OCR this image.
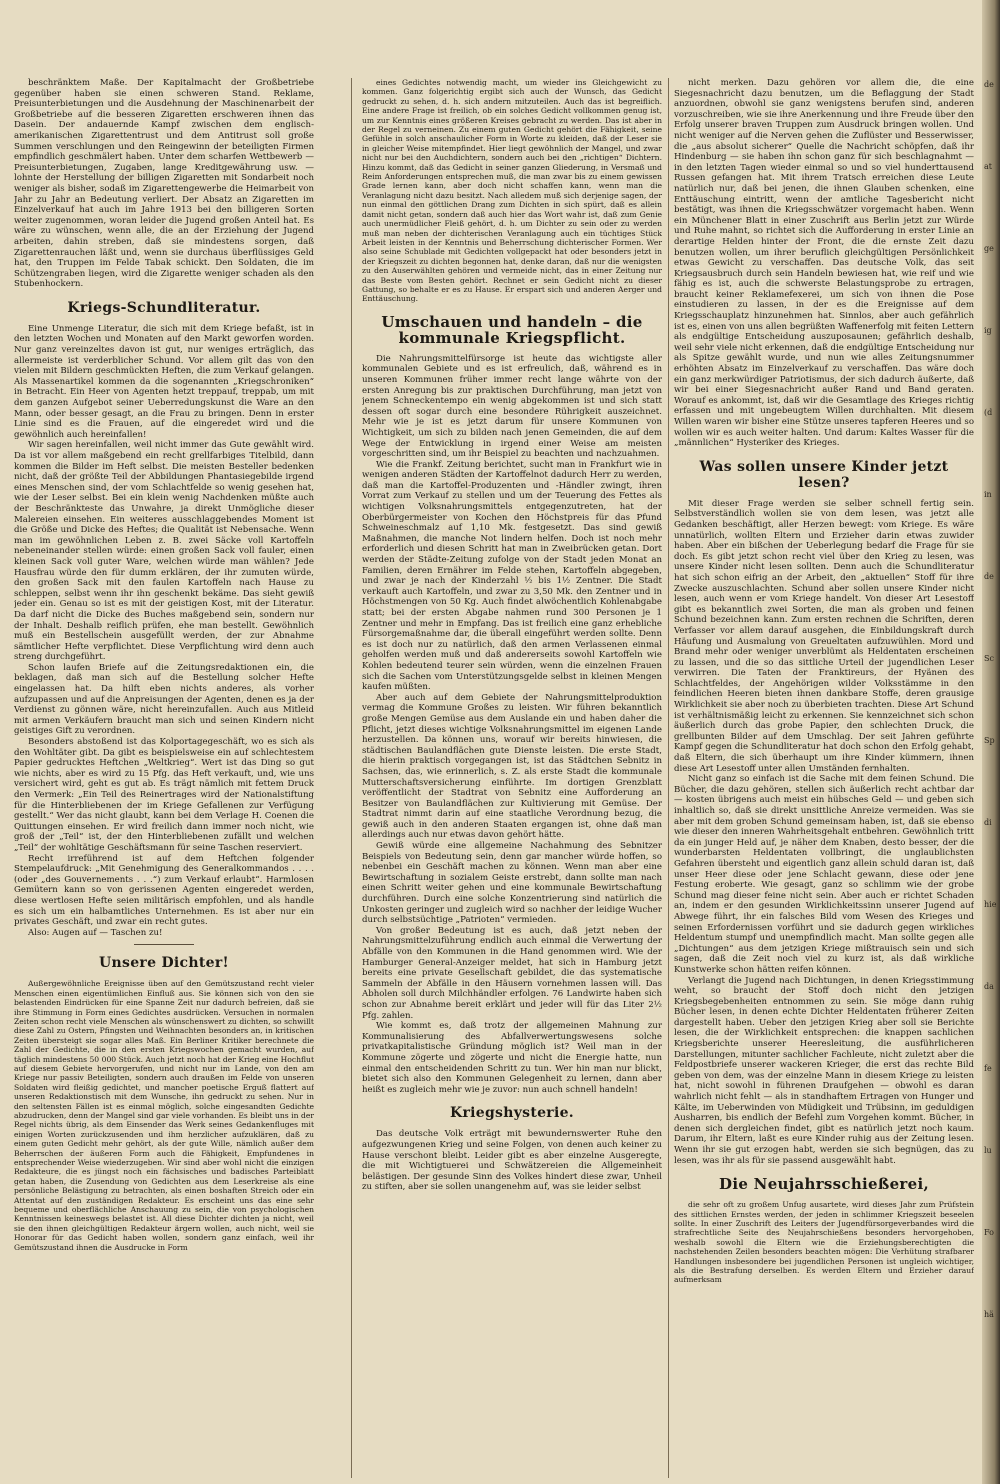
beschränktem Maße. Der Kapitalmacht der Großbetriebe gegenüber haben sie einen schweren Stand. Reklame, Preisunterbietungen und die Ausdehnung der Maschinenarbeit der Großbetriebe auf die besseren Zigaretten erschweren ihnen das Dasein. Der andauernde Kampf zwischen dem englisch-amerikanischen Zigarettentrust und dem Antitrust soll große Summen verschlungen und den Reingewinn der beteiligten Firmen empfindlich geschmälert haben. Unter dem scharfen Wettbewerb — Preisunterbietungen, Zugaben, lange Kreditgewährung usw. — lohnte der Herstellung der billigen Zigaretten mit Sondarbeit noch weniger als bisher, sodaß im Zigarettengewerbe die Heimarbeit von Jahr zu Jahr an Bedeutung verliert. Der Absatz an Zigaretten im Einzelverkauf hat auch im Jahre 1913 bei den billigeren Sorten weiter zugenommen, woran leider die Jugend großen Anteil hat. Es wäre zu wünschen, wenn alle, die an der Erziehung der Jugend arbeiten, dahin streben, daß sie mindestens sorgen, daß Zigarettenrauchen läßt und, wenn sie durchaus überflüssiges Geld hat, den Truppen im Felde Tabak schickt. Den Soldaten, die im Schützengraben liegen, wird die Zigarette weniger schaden als den Stubenhockern.

Kriegs-Schundliteratur.

Eine Unmenge Literatur, die sich mit dem Kriege befaßt, ist in den letzten Wochen und Monaten auf den Markt geworfen worden. Nur ganz vereinzeltes davon ist gut, nur weniges erträglich, das allermeiste ist verderblicher Schund. Vor allem gilt das von den vielen mit Bildern geschmückten Heften, die zum Verkauf gelangen. Als Massenartikel kommen da die sogenannten „Kriegschroniken“ in Betracht. Ein Heer von Agenten hetzt treppauf, treppab, um mit dem ganzen Aufgebot seiner Ueberredungskunst die Ware an den Mann, oder besser gesagt, an die Frau zu bringen. Denn in erster Linie sind es die Frauen, auf die eingeredet wird und die gewöhnlich auch hereinfallen!

Wir sagen hereinfallen, weil nicht immer das Gute gewählt wird. Da ist vor allem maßgebend ein recht grellfarbiges Titelbild, dann kommen die Bilder im Heft selbst. Die meisten Besteller bedenken nicht, daß der größte Teil der Abbildungen Phantasiegebilde irgend eines Menschen sind, der vom Schlachtfelde so wenig gesehen hat, wie der Leser selbst. Bei ein klein wenig Nachdenken müßte auch der Beschränkteste das Unwahre, ja direkt Unmögliche dieser Malereien einsehen. Ein weiteres ausschlaggebendes Moment ist die Größe und Dicke des Heftes; die Qualität ist Nebensache. Wenn man im gewöhnlichen Leben z. B. zwei Säcke voll Kartoffeln nebeneinander stellen würde: einen großen Sack voll fauler, einen kleinen Sack voll guter Ware, welchen würde man wählen? Jede Hausfrau würde den für dumm erklären, der ihr zumuten würde, den großen Sack mit den faulen Kartoffeln nach Hause zu schleppen, selbst wenn ihr ihn geschenkt bekäme. Das sieht gewiß jeder ein. Genau so ist es mit der geistigen Kost, mit der Literatur. Da darf nicht die Dicke des Buches maßgebend sein, sondern nur der Inhalt. Deshalb reiflich prüfen, ehe man bestellt. Gewöhnlich muß ein Bestellschein ausgefüllt werden, der zur Abnahme sämtlicher Hefte verpflichtet. Diese Verpflichtung wird denn auch streng durchgeführt.

Schon laufen Briefe auf die Zeitungsredaktionen ein, die beklagen, daß man sich auf die Bestellung solcher Hefte eingelassen hat. Da hilft eben nichts anderes, als vorher aufzupassen und auf die Anpreisungen der Agenten, denen es ja der Verdienst zu gönnen wäre, nicht hereinzufallen. Auch aus Mitleid mit armen Verkäufern braucht man sich und seinen Kindern nicht geistiges Gift zu verordnen.

Besonders abstoßend ist das Kolportagegeschäft, wo es sich als den Wohltäter gibt. Da gibt es beispielsweise ein auf schlechtestem Papier gedrucktes Heftchen „Weltkrieg“. Wert ist das Ding so gut wie nichts, aber es wird zu 15 Pfg. das Heft verkauft, und, wie uns versichert wird, geht es gut ab. Es trägt nämlich mit fettem Druck den Vermerk: „Ein Teil des Reinertrages wird der Nationalstiftung für die Hinterbliebenen der im Kriege Gefallenen zur Verfügung gestellt.“ Wer das nicht glaubt, kann bei dem Verlage H. Coenen die Quittungen einsehen. Er wird freilich dann immer noch nicht, wie groß der „Teil“ ist, der den Hinterbliebenen zufällt und welchen „Teil“ der wohltätige Geschäftsmann für seine Taschen reserviert.

Recht irreführend ist auf dem Heftchen folgender Stempelaufdruck: „Mit Genehmigung des Generalkommandos . . . . (oder „des Gouvernements . . .“) zum Verkauf erlaubt“. Harmlosen Gemütern kann so von gerissenen Agenten eingeredet werden, diese wertlosen Hefte seien militärisch empfohlen, und als handle es sich um ein halbamtliches Unternehmen. Es ist aber nur ein privates Geschäft, und zwar ein recht gutes.

Also: Augen auf — Taschen zu!

Unsere Dichter!

Außergewöhnliche Ereignisse üben auf den Gemütszustand recht vieler Menschen einen eigentümlichen Einfluß aus. Sie können sich von den sie belastenden Eindrücken für eine Spanne Zeit nur dadurch befreien, daß sie ihre Stimmung in Form eines Gedichtes ausdrücken. Versuchen in normalen Zeiten schon recht viele Menschen als wünschenswert zu dichten, so schwillt diese Zahl zu Ostern, Pfingsten und Weihnachten besonders an, in kritischen Zeiten übersteigt sie sogar alles Maß. Ein Berliner Kritiker berechnete die Zahl der Gedichte, die in den ersten Kriegswochen gemacht wurden, auf täglich mindestens 50 000 Stück. Auch jetzt noch hat der Krieg eine Hochflut auf diesem Gebiete hervorgerufen, und nicht nur im Lande, von den am Kriege nur passiv Beteiligten, sondern auch draußen im Felde von unseren Soldaten wird fleißig gedichtet, und mancher poetische Erguß flattert auf unseren Redaktionstisch mit dem Wunsche, ihn gedruckt zu sehen. Nur in den seltensten Fällen ist es einmal möglich, solche eingesandten Gedichte abzudrucken, denn der Mangel sind gar viele vorhanden. Es bleibt uns in der Regel nichts übrig, als dem Einsender das Werk seines Gedankenfluges mit einigen Worten zurückzusenden und ihm herzlicher aufzuklären, daß zu einem guten Gedicht mehr gehört, als der gute Wille, nämlich außer dem Beherrschen der äußeren Form auch die Fähigkeit, Empfundenes in entsprechender Weise wiederzugeben. Wir sind aber wohl nicht die einzigen Redakteure, die es jüngst noch ein fächsisches und badisches Parteiblatt getan haben, die Zusendung von Gedichten aus dem Leserkreise als eine persönliche Belästigung zu betrachten, als einen boshaften Streich oder ein Attentat auf den zuständigen Redakteur. Es erscheint uns das eine sehr bequeme und oberflächliche Anschauung zu sein, die von psychologischen Kenntnissen keineswegs belastet ist. All diese Dichter dichten ja nicht, weil sie den ihnen gleichgültigen Redakteur ärgern wollen, auch nicht, weil sie Honorar für das Gedicht haben wollen, sondern ganz einfach, weil ihr Gemütszustand ihnen die Ausdrucke in Form

eines Gedichtes notwendig macht, um wieder ins Gleichgewicht zu kommen. Ganz folgerichtig ergibt sich auch der Wunsch, das Gedicht gedruckt zu sehen, d. h. sich andern mitzuteilen. Auch das ist begreiflich. Eine andere Frage ist freilich, ob ein solches Gedicht vollkommen genug ist, um zur Kenntnis eines größeren Kreises gebracht zu werden. Das ist aber in der Regel zu verneinen. Zu einem guten Gedicht gehört die Fähigkeit, seine Gefühle in solch anschaulicher Form in Worte zu kleiden, daß der Leser sie in gleicher Weise mitempfindet. Hier liegt gewöhnlich der Mangel, und zwar nicht nur bei den Auchdichtern, sondern auch bei den „richtigen“ Dichtern. Hinzu kommt, daß das Gedicht in seiner ganzen Gliederung, in Versmaß und Reim Anforderungen entsprechen muß, die man zwar bis zu einem gewissen Grade lernen kann, aber doch nicht schaffen kann, wenn man die Veranlagung nicht dazu besitzt. Nach alledem muß sich derjenige sagen, der nun einmal den göttlichen Drang zum Dichten in sich spürt, daß es allein damit nicht getan, sondern daß auch hier das Wort wahr ist, daß zum Genie auch unermüdlicher Fleiß gehört, d. h. um Dichter zu sein oder zu werden muß man neben der dichterischen Veranlagung auch ein tüchtiges Stück Arbeit leisten in der Kenntnis und Beherrschung dichterischer Formen. Wer also seine Schublade mit Gedichten vollgepackt hat oder besonders jetzt in der Kriegszeit zu dichten begonnen hat, denke daran, daß nur die wenigsten zu den Auserwählten gehören und vermeide nicht, das in einer Zeitung nur das Beste vom Besten gehört. Rechnet er sein Gedicht nicht zu dieser Gattung, so behalte er es zu Hause. Er erspart sich und anderen Aerger und Enttäuschung.

Umschauen und handeln – die kommunale Kriegspflicht.

Die Nahrungsmittelfürsorge ist heute das wichtigste aller kommunalen Gebiete und es ist erfreulich, daß, während es in unseren Kommunen früher immer recht lange währte von der ersten Anregung bis zur praktischen Durchführung, man jetzt von jenem Schneckentempo ein wenig abgekommen ist und sich statt dessen oft sogar durch eine besondere Rührigkeit auszeichnet. Mehr wie je ist es jetzt darum für unsere Kommunen von Wichtigkeit, um sich zu bilden nach jenen Gemeinden, die auf dem Wege der Entwicklung in irgend einer Weise am meisten vorgeschritten sind, um ihr Beispiel zu beachten und nachzuahmen.

Wie die Frankf. Zeitung berichtet, sucht man in Frankfurt wie in wenigen anderen Städten der Kartoffelnot dadurch Herr zu werden, daß man die Kartoffel-Produzenten und -Händler zwingt, ihren Vorrat zum Verkauf zu stellen und um der Teuerung des Fettes als wichtigen Volksnahrungsmittels entgegenzutreten, hat der Oberbürgermeister von Kochen den Höchstpreis für das Pfund Schweineschmalz auf 1,10 Mk. festgesetzt. Das sind gewiß Maßnahmen, die manche Not lindern helfen. Doch ist noch mehr erforderlich und diesen Schritt hat man in Zweibrücken getan. Dort werden der Städte-Zeitung zufolge von der Stadt jeden Monat an Familien, deren Ernährer im Felde stehen, Kartoffeln abgegeben, und zwar je nach der Kinderzahl ½ bis 1½ Zentner. Die Stadt verkauft auch Kartoffeln, und zwar zu 3,50 Mk. den Zentner und in Höchstmengen von 50 Kg. Auch findet alwöchentlich Kohlenabgabe statt; bei der ersten Abgabe nahmen rund 300 Personen je 1 Zentner und mehr in Empfang. Das ist freilich eine ganz erhebliche Fürsorgemaßnahme dar, die überall eingeführt werden sollte. Denn es ist doch nur zu natürlich, daß den armen Verlassenen einmal geholfen werden muß und daß andererseits sowohl Kartoffeln wie Kohlen bedeutend teurer sein würden, wenn die einzelnen Frauen sich die Sachen vom Unterstützungsgelde selbst in kleinen Mengen kaufen müßten.

Aber auch auf dem Gebiete der Nahrungsmittelproduktion vermag die Kommune Großes zu leisten. Wir führen bekanntlich große Mengen Gemüse aus dem Auslande ein und haben daher die Pflicht, jetzt dieses wichtige Volksnahrungsmittel im eigenen Lande herzustellen. Da können uns, worauf wir bereits hinwiesen, die städtischen Baulandflächen gute Dienste leisten. Die erste Stadt, die hierin praktisch vorgegangen ist, ist das Städtchen Sebnitz in Sachsen, das, wie erinnerlich, s. Z. als erste Stadt die kommunale Mutterschaftsversicherung einführte. Im dortigen Grenzblatt veröffentlicht der Stadtrat von Sebnitz eine Aufforderung an Besitzer von Baulandflächen zur Kultivierung mit Gemüse. Der Stadtrat nimmt darin auf eine staatliche Verordnung bezug, die gewiß auch in den anderen Staaten ergangen ist, ohne daß man allerdings auch nur etwas davon gehört hätte.

Gewiß würde eine allgemeine Nachahmung des Sebnitzer Beispiels von Bedeutung sein, denn gar mancher würde hoffen, so nebenbei ein Geschäft machen zu können. Wenn man aber eine Bewirtschaftung in sozialem Geiste erstrebt, dann sollte man nach einen Schritt weiter gehen und eine kommunale Bewirtschaftung durchführen. Durch eine solche Konzentrierung sind natürlich die Unkosten geringer und zugleich wird so nachher der leidige Wucher durch selbstsüchtige „Patrioten“ vermieden.

Von großer Bedeutung ist es auch, daß jetzt neben der Nahrungsmittelzuführung endlich auch einmal die Verwertung der Abfälle von den Kommunen in die Hand genommen wird. Wie der Hamburger General-Anzeiger meldet, hat sich in Hamburg jetzt bereits eine private Gesellschaft gebildet, die das systematische Sammeln der Abfälle in den Häusern vornehmen lassen will. Das Abholen soll durch Milchhändler erfolgen. 76 Landwirte haben sich schon zur Abnahme bereit erklärt und jeder will für das Liter 2½ Pfg. zahlen.

Wie kommt es, daß trotz der allgemeinen Mahnung zur Kommunalisierung des Abfallverwertungswesens solche privatkapitalistische Gründung möglich ist? Weil man in der Kommune zögerte und zögerte und nicht die Energie hatte, nun einmal den entscheidenden Schritt zu tun. Wer hin man nur blickt, bietet sich also den Kommunen Gelegenheit zu lernen, dann aber heißt es zugleich mehr wie je zuvor: nun auch schnell handeln!

Kriegshysterie.

Das deutsche Volk erträgt mit bewundernswerter Ruhe den aufgezwungenen Krieg und seine Folgen, von denen auch keiner zu Hause verschont bleibt. Leider gibt es aber einzelne Ausgeregte, die mit Wichtigtuerei und Schwätzereien die Allgemeinheit belästigen. Der gesunde Sinn des Volkes hindert diese zwar, Unheil zu stiften, aber sie sollen unangenehm auf, was sie leider selbst

nicht merken. Dazu gehören vor allem die, die eine Siegesnachricht dazu benutzen, um die Beflaggung der Stadt anzuordnen, obwohl sie ganz wenigstens berufen sind, anderen vorzuschreiben, wie sie ihre Anerkennung und ihre Freude über den Erfolg unserer braven Truppen zum Ausdruck bringen wollen. Und nicht weniger auf die Nerven gehen die Zuflüster und Besserwisser, die „aus absolut sicherer“ Quelle die Nachricht schöpfen, daß ihr Hindenburg — sie haben ihn schon ganz für sich beschlagnahmt — in den letzten Tagen wieder einmal so und so viel hunderttausend Russen gefangen hat. Mit ihrem Tratsch erreichen diese Leute natürlich nur, daß bei jenen, die ihnen Glauben schenken, eine Enttäuschung eintritt, wenn der amtliche Tagesbericht nicht bestätigt, was ihnen die Kriegsschwätzer vorgemacht haben. Wenn ein Münchener Blatt in einer Zuschrift aus Berlin jetzt zur Würde und Ruhe mahnt, so richtet sich die Aufforderung in erster Linie an derartige Helden hinter der Front, die die ernste Zeit dazu benutzen wollen, um ihrer beruflich gleichgültigen Persönlichkeit etwas Gewicht zu verschaffen. Das deutsche Volk, das seit Kriegsausbruch durch sein Handeln bewiesen hat, wie reif und wie fähig es ist, auch die schwerste Belastungsprobe zu ertragen, braucht keiner Reklamefexerei, um sich von ihnen die Pose einstudieren zu lassen, in der es die Ereignisse auf dem Kriegsschauplatz hinzunehmen hat. Sinnlos, aber auch gefährlich ist es, einen von uns allen begrüßten Waffenerfolg mit feiten Lettern als endgültige Entscheidung auszuposaunen; gefährlich deshalb, weil sehr viele nicht erkennen, daß die endgültige Entscheidung nur als Spitze gewählt wurde, und nun wie alles Zeitungsnummer erhöhten Absatz im Einzelverkauf zu verschaffen. Das wäre doch ein ganz merkwürdiger Patriotismus, der sich dadurch äußerte, daß wir bei einer Siegesnachricht außer Rand und Band geraten. Worauf es ankommt, ist, daß wir die Gesamtlage des Krieges richtig erfassen und mit ungebeugtem Willen durchhalten. Mit diesem Willen waren wir bisher eine Stütze unseres tapferen Heeres und so wollen wir es auch weiter halten. Und darum: Kaltes Wasser für die „männlichen“ Hysteriker des Krieges.

Was sollen unsere Kinder jetzt lesen?

Mit dieser Frage werden sie selber schnell fertig sein. Selbstverständlich wollen sie von dem lesen, was jetzt alle Gedanken beschäftigt, aller Herzen bewegt: vom Kriege. Es wäre unnatürlich, wollten Eltern und Erzieher darin etwas zuwider haben. Aber ein bißchen der Ueberlegung bedarf die Frage für sie doch. Es gibt jetzt schon recht viel über den Krieg zu lesen, was unsere Kinder nicht lesen sollten. Denn auch die Schundliteratur hat sich schon eifrig an der Arbeit, den „aktuellen“ Stoff für ihre Zwecke auszuschlachten. Schund aber sollen unsere Kinder nicht lesen, auch wenn er vom Kriege handelt. Von dieser Art Lesestoff gibt es bekanntlich zwei Sorten, die man als groben und feinen Schund bezeichnen kann. Zum ersten rechnen die Schriften, deren Verfasser vor allem darauf ausgehen, die Einbildungskraft durch Häufung und Ausmalung von Greueltaten aufzuwühlen. Mord und Brand mehr oder weniger unverblümt als Heldentaten erscheinen zu lassen, und die so das sittliche Urteil der jugendlichen Leser verwirren. Die Taten der Franktireurs, der Hyänen des Schlachtfeldes, der Angehörigen wilder Volksstämme in den feindlichen Heeren bieten ihnen dankbare Stoffe, deren grausige Wirklichkeit sie aber noch zu überbieten trachten. Diese Art Schund ist verhältnismäßig leicht zu erkennen. Sie kennzeichnet sich schon äußerlich durch das grobe Papier, den schlechten Druck, die grellbunten Bilder auf dem Umschlag. Der seit Jahren geführte Kampf gegen die Schundliteratur hat doch schon den Erfolg gehabt, daß Eltern, die sich überhaupt um ihre Kinder kümmern, ihnen diese Art Lesestoff unter allen Umständen fernhalten.

Nicht ganz so einfach ist die Sache mit dem feinen Schund. Die Bücher, die dazu gehören, stellen sich äußerlich recht achtbar dar — kosten übrigens auch meist ein hübsches Geld — und geben sich inhaltlich so, daß sie direkt unsittliche Anreize vermeiden. Was sie aber mit dem groben Schund gemeinsam haben, ist, daß sie ebenso wie dieser den inneren Wahrheitsgehalt entbehren. Gewöhnlich tritt da ein junger Held auf, je näher dem Knaben, desto besser, der die wunderbarsten Heldentaten vollbringt, die unglaublichsten Gefahren übersteht und eigentlich ganz allein schuld daran ist, daß unser Heer diese oder jene Schlacht gewann, diese oder jene Festung eroberte. Wie gesagt, ganz so schlimm wie der grobe Schund mag dieser feine nicht sein. Aber auch er richtet Schaden an, indem er den gesunden Wirklichkeitssinn unserer Jugend auf Abwege führt, ihr ein falsches Bild vom Wesen des Krieges und seinen Erfordernissen vorführt und sie dadurch gegen wirkliches Heldentum stumpf und unempfindlich macht. Man sollte gegen alle „Dichtungen“ aus dem jetzigen Kriege mißtrauisch sein und sich sagen, daß die Zeit noch viel zu kurz ist, als daß wirkliche Kunstwerke schon hätten reifen können.

Verlangt die Jugend nach Dichtungen, in denen Kriegsstimmung weht, so braucht der Stoff doch nicht den jetzigen Kriegsbegebenheiten entnommen zu sein. Sie möge dann ruhig Bücher lesen, in denen echte Dichter Heldentaten früherer Zeiten dargestellt haben. Ueber den jetzigen Krieg aber soll sie Berichte lesen, die der Wirklichkeit entsprechen: die knappen sachlichen Kriegsberichte unserer Heeresleitung, die ausführlicheren Darstellungen, mitunter sachlicher Fachleute, nicht zuletzt aber die Feldpostbriefe unserer wackeren Krieger, die erst das rechte Bild geben von dem, was der einzelne Mann in diesem Kriege zu leisten hat, nicht sowohl in führenen Draufgehen — obwohl es daran wahrlich nicht fehlt — als in standhaftem Ertragen von Hunger und Kälte, im Ueberwinden von Müdigkeit und Trübsinn, im geduldigen Ausharren, bis endlich der Befehl zum Vorgehen kommt. Bücher, in denen sich dergleichen findet, gibt es natürlich jetzt noch kaum. Darum, ihr Eltern, laßt es eure Kinder ruhig aus der Zeitung lesen. Wenn ihr sie gut erzogen habt, werden sie sich begnügen, das zu lesen, was ihr als für sie passend ausgewählt habt.

Die Neujahrsschießerei,

die sehr oft zu großem Unfug ausartete, wird dieses Jahr zum Prüfstein des sittlichen Ernstes werden, der jeden in schlimmer Kriegszeit beseelen sollte. In einer Zuschrift des Leiters der Jugendfürsorgeverbandes wird die strafrechtliche Seite des Neujahrschießens besonders hervorgehoben, weshalb sowohl die Eltern wie die Erziehungsberechtigten die nachstehenden Zeilen besonders beachten mögen: Die Verhütung strafbarer Handlungen insbesondere bei jugendlichen Personen ist ungleich wichtiger, als die Bestrafung derselben. Es werden Eltern und Erzieher darauf aufmerksam

de
at
ge
ig
(d
in
de
Sc
Sp
di
hie
da
fe
lu
Fo
hä
